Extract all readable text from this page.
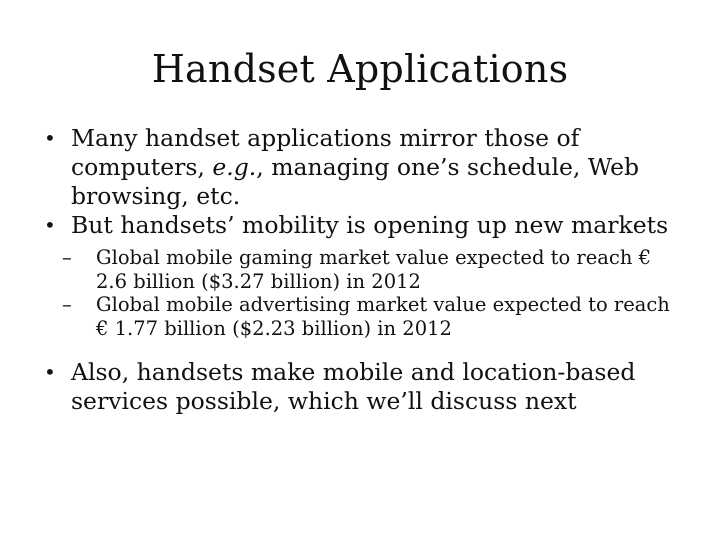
Handset Applications
• Many handset applications mirror those of computers, e.g., managing one’s schedule, Web browsing, etc.
• But handsets’ mobility is opening up new markets
– Global mobile gaming market value expected to reach € 2.6 billion ($3.27 billion) in 2012
– Global mobile advertising market value expected to reach € 1.77 billion ($2.23 billion) in 2012
• Also, handsets make mobile and location-based services possible, which we’ll discuss next
